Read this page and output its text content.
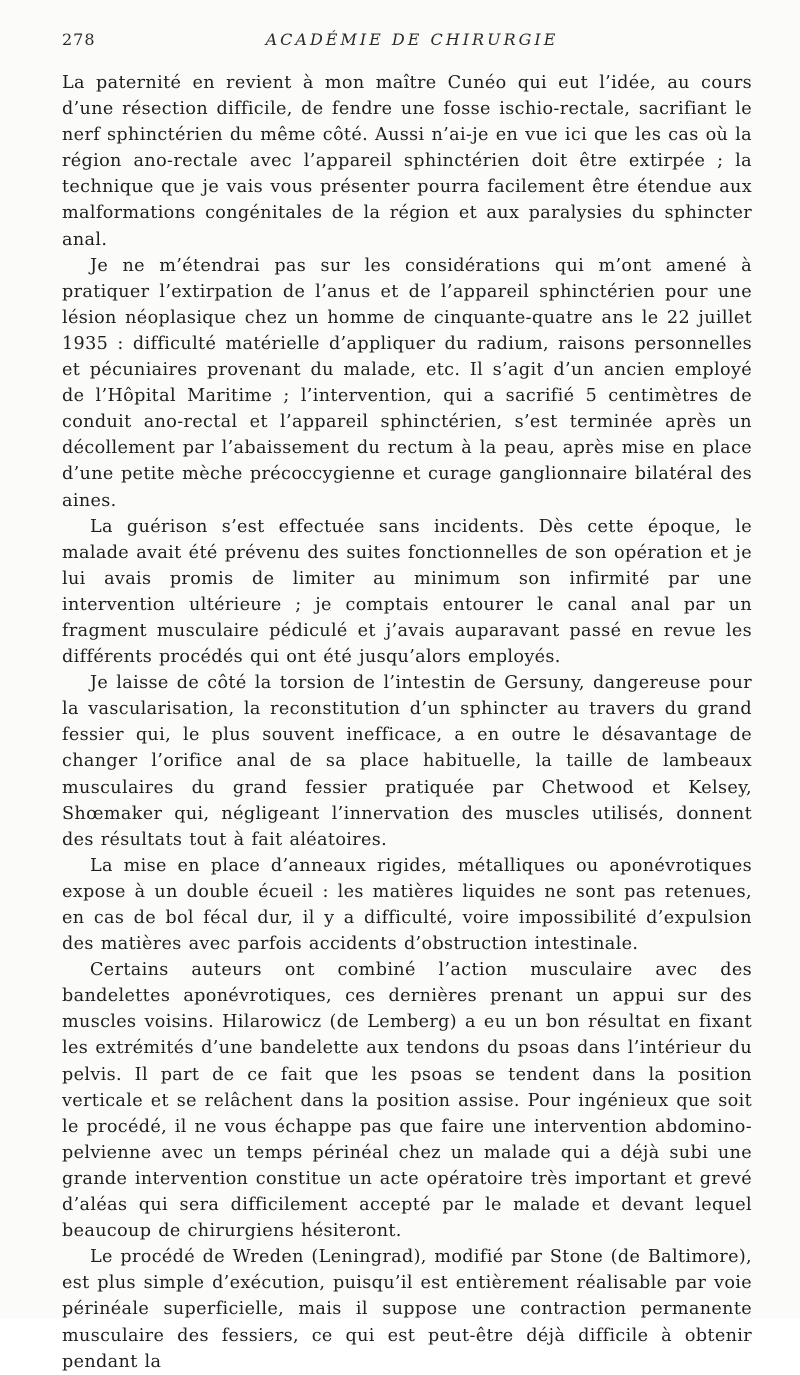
278	ACADÉMIE DE CHIRURGIE

La paternité en revient à mon maître Cunéo qui eut l’idée, au cours d’une résection difficile, de fendre une fosse ischio-rectale, sacrifiant le nerf sphinctérien du même côté. Aussi n’ai-je en vue ici que les cas où la région ano-rectale avec l’appareil sphinctérien doit être extirpée ; la technique que je vais vous présenter pourra facilement être étendue aux malformations congénitales de la région et aux paralysies du sphincter anal.

Je ne m’étendrai pas sur les considérations qui m’ont amené à pratiquer l’extirpation de l’anus et de l’appareil sphinctérien pour une lésion néoplasique chez un homme de cinquante-quatre ans le 22 juillet 1935 : difficulté matérielle d’appliquer du radium, raisons personnelles et pécuniaires provenant du malade, etc. Il s’agit d’un ancien employé de l’Hôpital Maritime ; l’intervention, qui a sacrifié 5 centimètres de conduit ano-rectal et l’appareil sphinctérien, s’est terminée après un décollement par l’abaissement du rectum à la peau, après mise en place d’une petite mèche précoccygienne et curage ganglionnaire bilatéral des aines.

La guérison s’est effectuée sans incidents. Dès cette époque, le malade avait été prévenu des suites fonctionnelles de son opération et je lui avais promis de limiter au minimum son infirmité par une intervention ultérieure ; je comptais entourer le canal anal par un fragment musculaire pédiculé et j’avais auparavant passé en revue les différents procédés qui ont été jusqu’alors employés.

Je laisse de côté la torsion de l’intestin de Gersuny, dangereuse pour la vascularisation, la reconstitution d’un sphincter au travers du grand fessier qui, le plus souvent inefficace, a en outre le désavantage de changer l’orifice anal de sa place habituelle, la taille de lambeaux musculaires du grand fessier pratiquée par Chetwood et Kelsey, Shœmaker qui, négligeant l’innervation des muscles utilisés, donnent des résultats tout à fait aléatoires.

La mise en place d’anneaux rigides, métalliques ou aponévrotiques expose à un double écueil : les matières liquides ne sont pas retenues, en cas de bol fécal dur, il y a difficulté, voire impossibilité d’expulsion des matières avec parfois accidents d’obstruction intestinale.

Certains auteurs ont combiné l’action musculaire avec des bandelettes aponévrotiques, ces dernières prenant un appui sur des muscles voisins. Hilarowicz (de Lemberg) a eu un bon résultat en fixant les extrémités d’une bandelette aux tendons du psoas dans l’intérieur du pelvis. Il part de ce fait que les psoas se tendent dans la position verticale et se relâchent dans la position assise. Pour ingénieux que soit le procédé, il ne vous échappe pas que faire une intervention abdomino-pelvienne avec un temps périnéal chez un malade qui a déjà subi une grande intervention constitue un acte opératoire très important et grevé d’aléas qui sera difficilement accepté par le malade et devant lequel beaucoup de chirurgiens hésiteront.

Le procédé de Wreden (Leningrad), modifié par Stone (de Baltimore), est plus simple d’exécution, puisqu’il est entièrement réalisable par voie périnéale superficielle, mais il suppose une contraction permanente musculaire des fessiers, ce qui est peut-être déjà difficile à obtenir pendant la
